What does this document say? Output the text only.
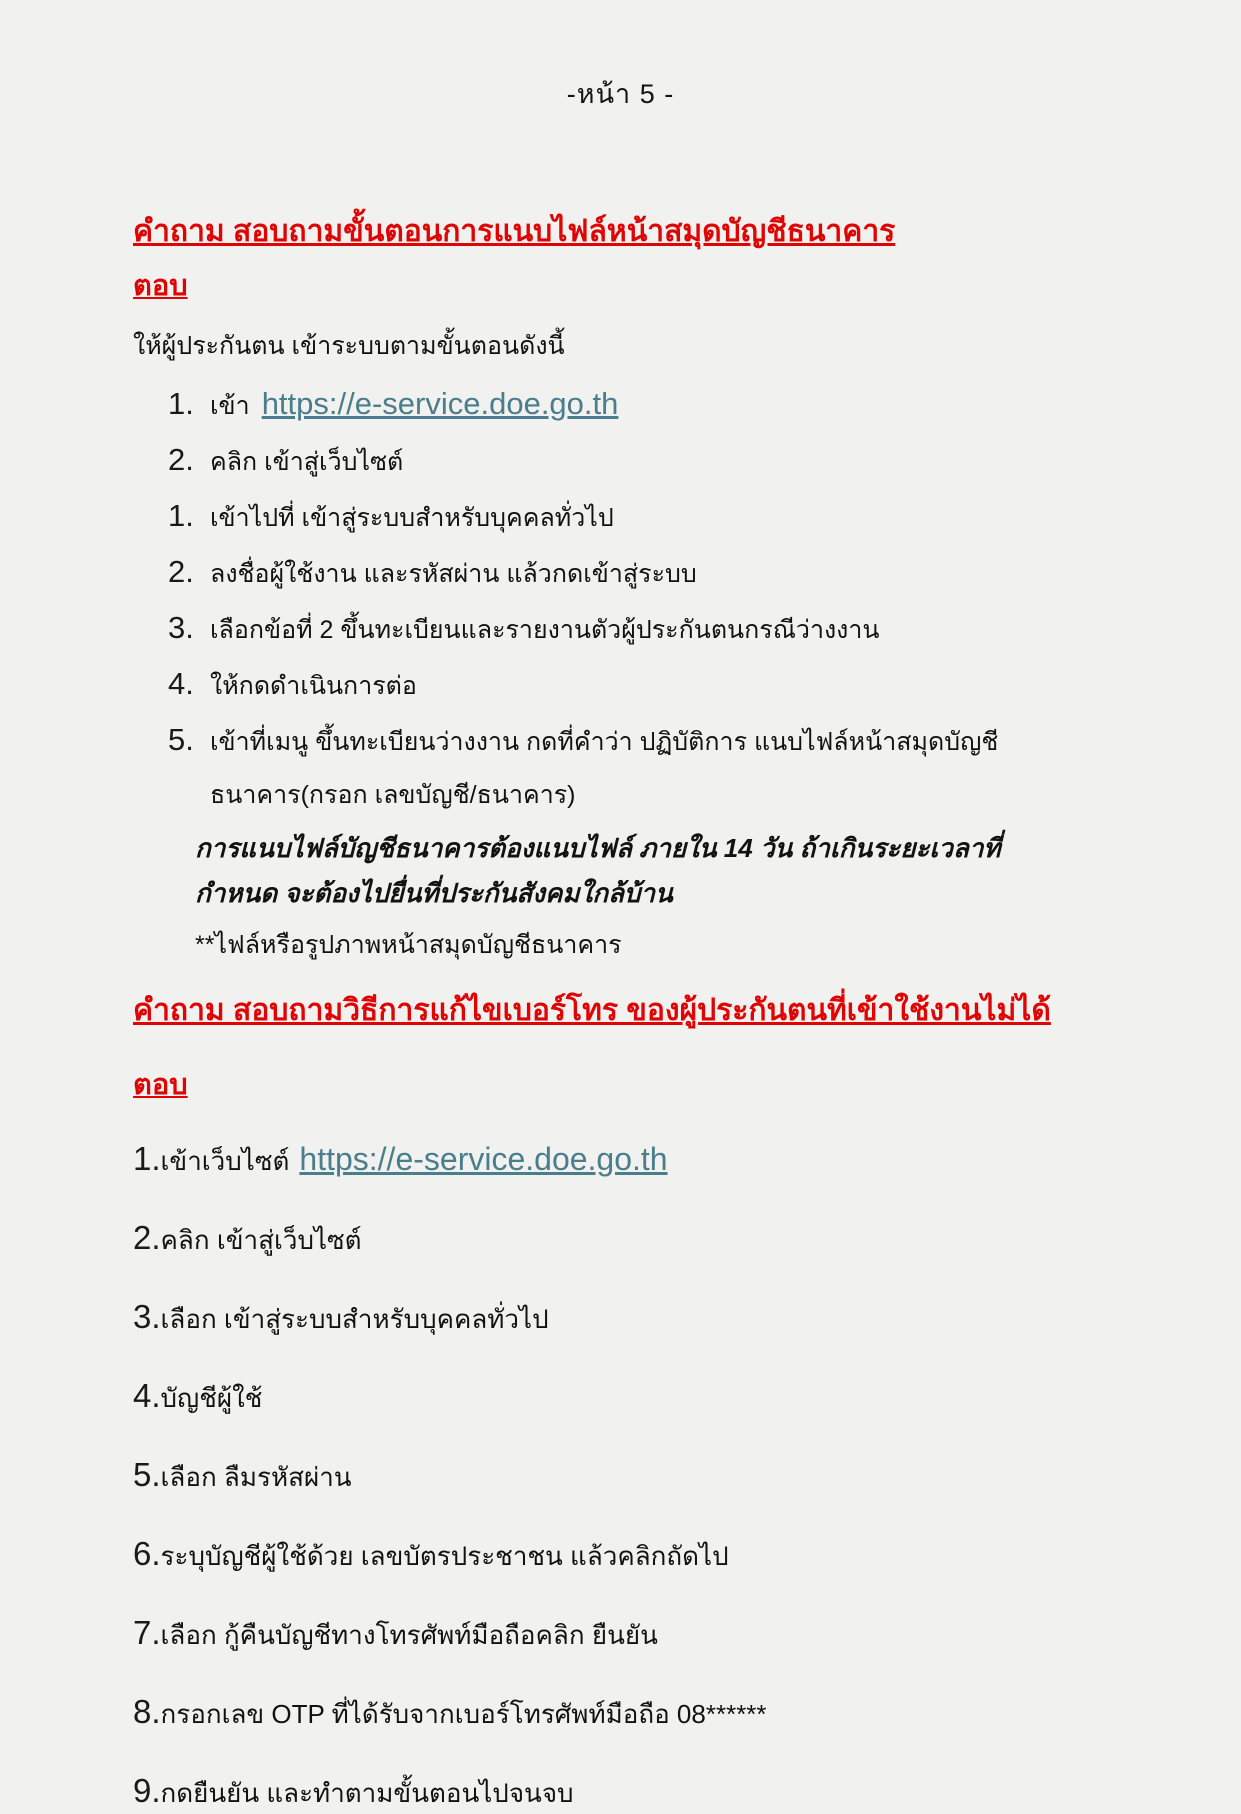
-หน้า 5 -
คำถาม สอบถามขั้นตอนการแนบไฟล์หน้าสมุดบัญชีธนาคาร
ตอบ

ให้ผู้ประกันตน เข้าระบบตามขั้นตอนดังนี้

1. เข้า https://e-service.doe.go.th
2. คลิก เข้าสู่เว็บไซต์
1. เข้าไปที่ เข้าสู่ระบบสำหรับบุคคลทั่วไป
2. ลงชื่อผู้ใช้งาน และรหัสผ่าน แล้วกดเข้าสู่ระบบ
3. เลือกข้อที่ 2 ขึ้นทะเบียนและรายงานตัวผู้ประกันตนกรณีว่างงาน
4. ให้กดดำเนินการต่อ
5. เข้าที่เมนู ขึ้นทะเบียนว่างงาน กดที่คำว่า ปฏิบัติการ แนบไฟล์หน้าสมุดบัญชีธนาคาร(กรอก เลขบัญชี/ธนาคาร)

การแนบไฟล์บัญชีธนาคารต้องแนบไฟล์ ภายใน 14 วัน ถ้าเกินระยะเวลาที่กำหนด จะต้องไปยื่นที่ประกันสังคมใกล้บ้าน

**ไฟล์หรือรูปภาพหน้าสมุดบัญชีธนาคาร

คำถาม สอบถามวิธีการแก้ไขเบอร์โทร ของผู้ประกันตนที่เข้าใช้งานไม่ได้
ตอบ
1.เข้าเว็บไซต์ https://e-service.doe.go.th
2.คลิก เข้าสู่เว็บไซต์
3.เลือก เข้าสู่ระบบสำหรับบุคคลทั่วไป
4.บัญชีผู้ใช้
5.เลือก ลืมรหัสผ่าน
6.ระบุบัญชีผู้ใช้ด้วย เลขบัตรประชาชน แล้วคลิกถัดไป
7.เลือก กู้คืนบัญชีทางโทรศัพท์มือถือคลิก ยืนยัน
8.กรอกเลข OTP ที่ได้รับจากเบอร์โทรศัพท์มือถือ 08******
9.กดยืนยัน และทำตามขั้นตอนไปจนจบ
